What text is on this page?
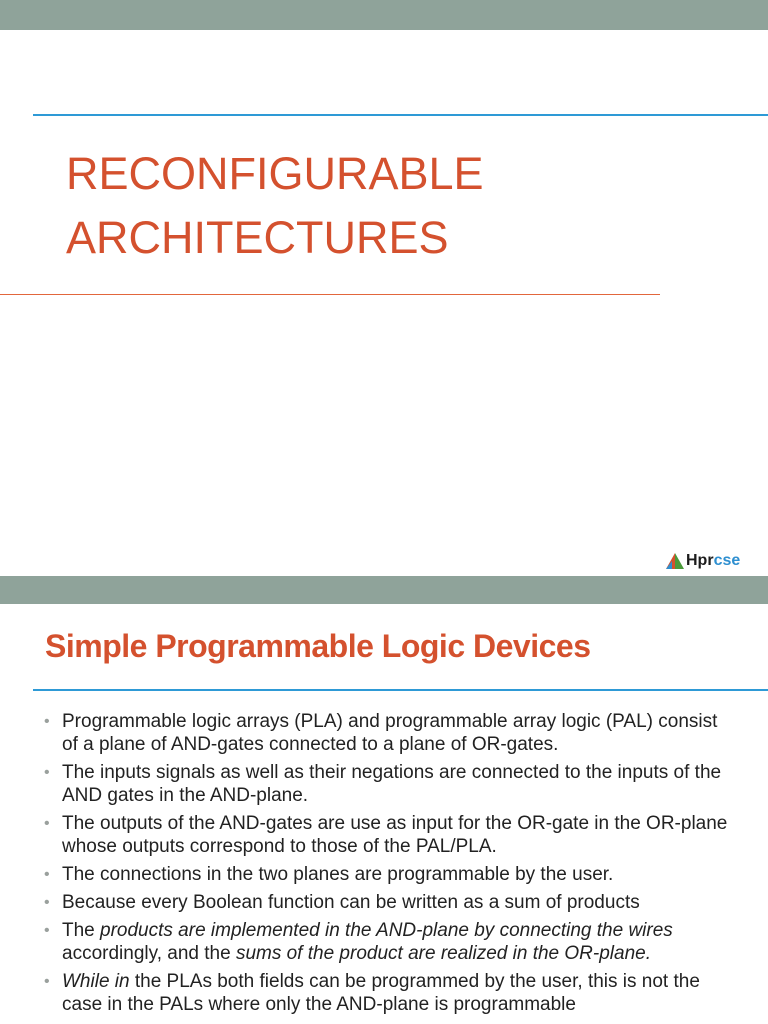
RECONFIGURABLE
ARCHITECTURES
Hpr cse
Simple Programmable Logic Devices
• Programmable logic arrays (PLA) and programmable array logic (PAL) consist of a plane of AND-gates connected to a plane of OR-gates.
• The inputs signals as well as their negations are connected to the inputs of the AND gates in the AND-plane.
• The outputs of the AND-gates are use as input for the OR-gate in the OR-plane whose outputs correspond to those of the PAL/PLA.
• The connections in the two planes are programmable by the user.
• Because every Boolean function can be written as a sum of products
• The products are implemented in the AND-plane by connecting the wires accordingly, and the sums of the product are realized in the OR-plane.
• While in the PLAs both fields can be programmed by the user, this is not the case in the PALs where only the AND-plane is programmable
